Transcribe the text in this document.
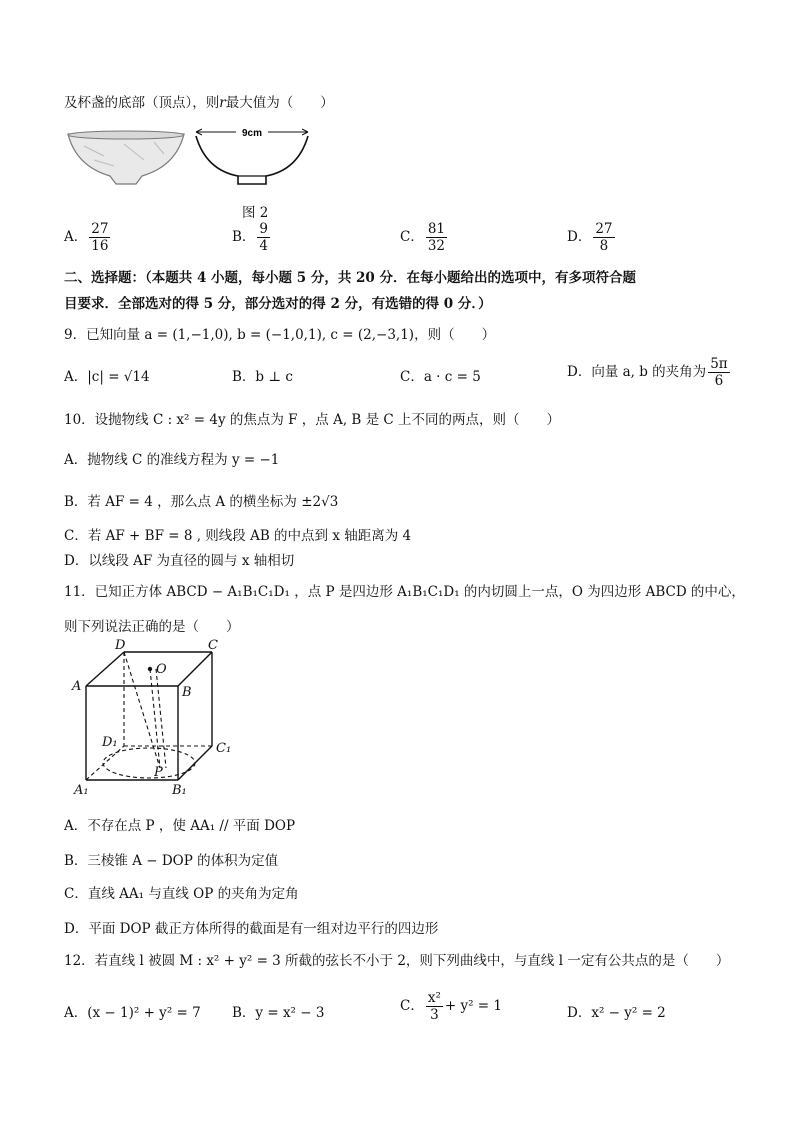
及杯盏的底部（顶点），则r最大值为（　　）
9cm
图 2
A． $\frac{27}{16}$	B． $\frac{9}{4}$	C． $\frac{81}{32}$	D． $\frac{27}{8}$
二、选择题：（本题共 4 小题，每小题 5 分，共 20 分．在每小题给出的选项中，有多项符合题
目要求．全部选对的得 5 分，部分选对的得 2 分，有选错的得 0 分．）
9．已知向量 a = (1,−1,0), b = (−1,0,1), c = (2,−3,1)，则（　　）
A．|c| = √14	B．b ⊥ c	C．a · c = 5	D．向量 a, b 的夹角为 $\frac{5\pi}{6}$
10．设抛物线 C : x² = 4y 的焦点为 F ，点 A, B 是 C 上不同的两点，则（　　）
A．抛物线 C 的准线方程为 y = −1
B．若 AF = 4 ，那么点 A 的横坐标为 ±2√3
C．若 AF + BF = 8 , 则线段 AB 的中点到 x 轴距离为 4
D．以线段 AF 为直径的圆与 x 轴相切
11．已知正方体 ABCD − A₁B₁C₁D₁ ，点 P 是四边形 A₁B₁C₁D₁ 的内切圆上一点，O 为四边形 ABCD 的中心，
则下列说法正确的是（　　）
D	C
O
A	B
D₁	C₁
P
A₁	B₁
A．不存在点 P ，使 AA₁ // 平面 DOP
B．三棱锥 A − DOP 的体积为定值
C．直线 AA₁ 与直线 OP 的夹角为定角
D．平面 DOP 截正方体所得的截面是有一组对边平行的四边形
12．若直线 l 被圆 M : x² + y² = 3 所截的弦长不小于 2，则下列曲线中，与直线 l 一定有公共点的是（　　）
A．(x − 1)² + y² = 7 B．y = x² − 3	C． $\frac{\text{x²}}{3} + y^2 = 1$	D．x² − y² = 2
